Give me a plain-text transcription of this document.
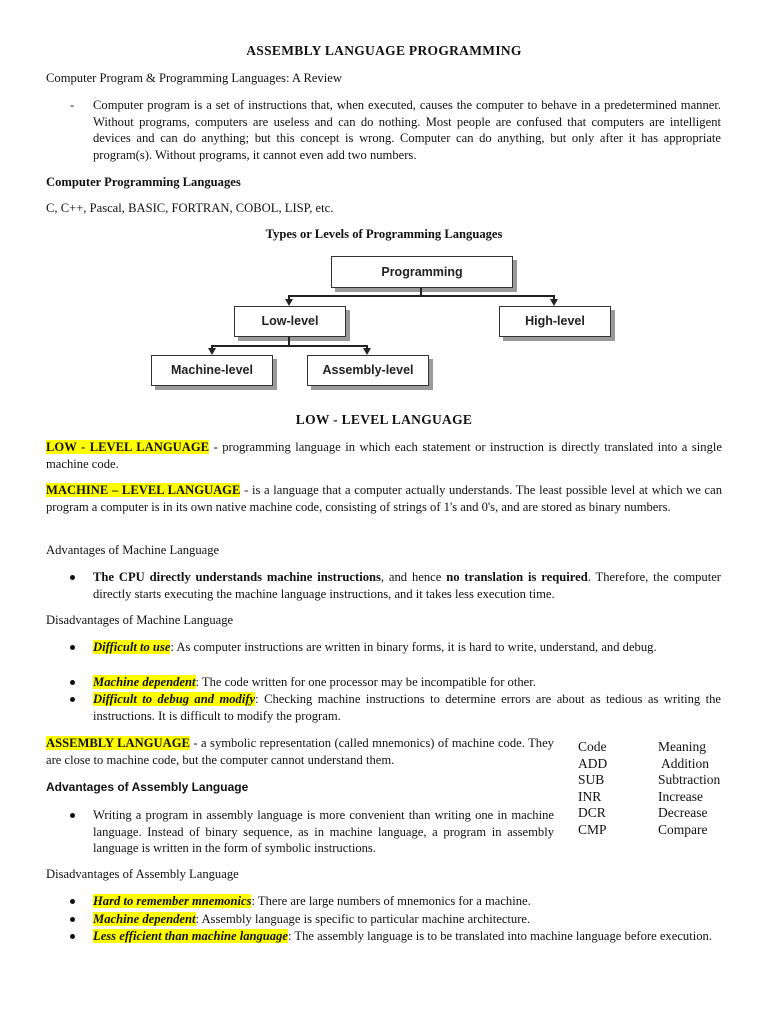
ASSEMBLY LANGUAGE PROGRAMMING
Computer Program & Programming Languages: A Review
- Computer program is a set of instructions that, when executed, causes the computer to behave in a predetermined manner. Without programs, computers are useless and can do nothing. Most people are confused that computers are intelligent devices and can do anything; but this concept is wrong. Computer can do anything, but only after it has appropriate program(s). Without programs, it cannot even add two numbers.
Computer Programming Languages
C, C++, Pascal, BASIC, FORTRAN, COBOL, LISP, etc.
Types or Levels of Programming Languages
Programming
Low-level	High-level
Machine-level	Assembly-level
LOW - LEVEL LANGUAGE
LOW - LEVEL LANGUAGE - programming language in which each statement or instruction is directly translated into a single machine code.
MACHINE – LEVEL LANGUAGE - is a language that a computer actually understands. The least possible level at which we can program a computer is in its own native machine code, consisting of strings of 1's and 0's, and are stored as binary numbers.
Advantages of Machine Language
The CPU directly understands machine instructions, and hence no translation is required. Therefore, the computer directly starts executing the machine language instructions, and it takes less execution time.
Disadvantages of Machine Language
Difficult to use: As computer instructions are written in binary forms, it is hard to write, understand, and debug.
Machine dependent: The code written for one processor may be incompatible for other.
Difficult to debug and modify: Checking machine instructions to determine errors are about as tedious as writing the instructions. It is difficult to modify the program.
ASSEMBLY LANGUAGE - a symbolic representation (called mnemonics) of machine code. They are close to machine code, but the computer cannot understand them.
Advantages of Assembly Language
Writing a program in assembly language is more convenient than writing one in machine language. Instead of binary sequence, as in machine language, a program in assembly language is written in the form of symbolic instructions.
Code	Meaning
ADD	Addition
SUB	Subtraction
INR	Increase
DCR	Decrease
CMP	Compare
Disadvantages of Assembly Language
Hard to remember mnemonics: There are large numbers of mnemonics for a machine.
Machine dependent: Assembly language is specific to particular machine architecture.
Less efficient than machine language: The assembly language is to be translated into machine language before execution.
